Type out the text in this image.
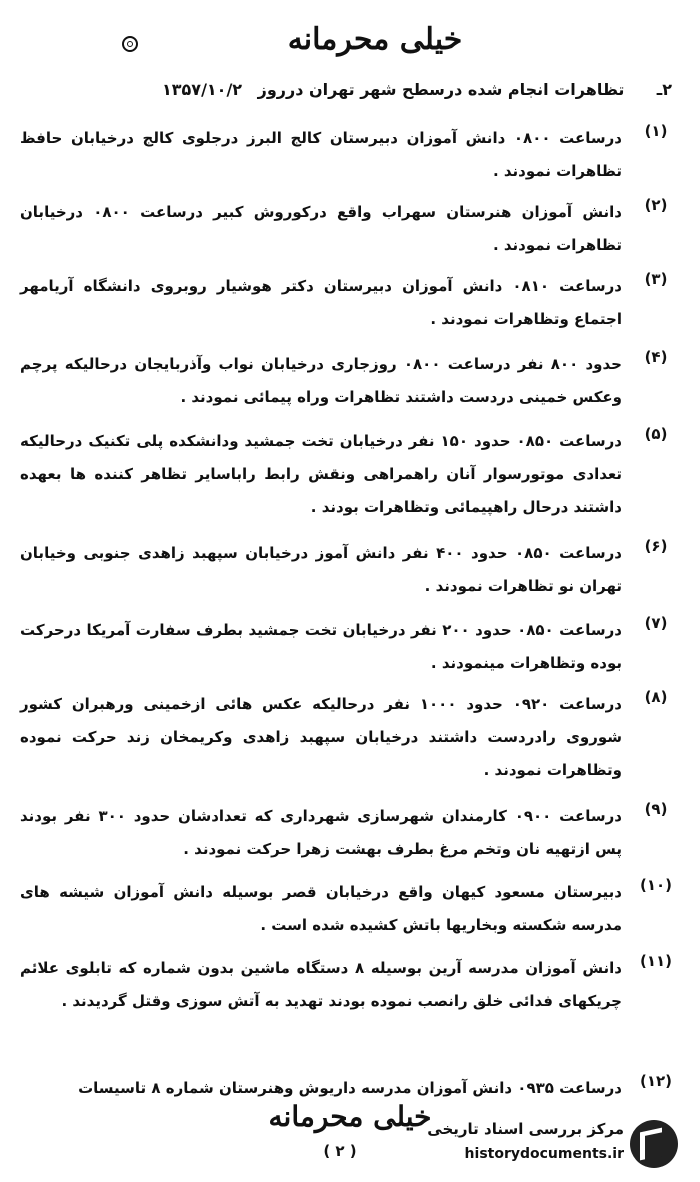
خیلی محرمانه
۲ـ تظاهرات انجام شده درسطح شهر تهران درروز ۱۳۵۷/۱۰/۲
(۱)
درساعت ۰۸۰۰ دانش آموزان دبیرستان کالج البرز درجلوی کالج درخیابان حافظ تظاهرات نمودند .
(۲)
دانش آموزان هنرستان سهراب واقع درکوروش کبیر درساعت ۰۸۰۰ درخیابان تظاهرات نمودند .
(۳)
درساعت ۰۸۱۰ دانش آموزان دبیرستان دکتر هوشیار روبروی دانشگاه آریامهر اجتماع وتظاهرات نمودند .
(۴)
حدود ۸۰۰ نفر درساعت ۰۸۰۰ روزجاری درخیابان نواب وآذربایجان درحالیکه پرچم وعکس خمینی دردست داشتند تظاهرات وراه پیمائی نمودند .
(۵)
درساعت ۰۸۵۰ حدود ۱۵۰ نفر درخیابان تخت جمشید ودانشکده پلی تکنیک درحالیکه تعدادی موتورسوار آنان راهمراهی ونقش رابط راباسایر تظاهر کننده ها بعهده داشتند درحال راهپیمائی وتظاهرات بودند .
(۶)
درساعت ۰۸۵۰ حدود ۴۰۰ نفر دانش آموز درخیابان سپهبد زاهدی جنوبی وخیابان تهران نو تظاهرات نمودند .
(۷)
درساعت ۰۸۵۰ حدود ۲۰۰ نفر درخیابان تخت جمشید بطرف سفارت آمریکا درحرکت بوده وتظاهرات مینمودند .
(۸)
درساعت ۰۹۲۰ حدود ۱۰۰۰ نفر درحالیکه عکس هائی ازخمینی ورهبران کشور شوروی رادردست داشتند درخیابان سپهبد زاهدی وکریمخان زند حرکت نموده وتظاهرات نمودند .
(۹)
درساعت ۰۹۰۰ کارمندان شهرسازی شهرداری که تعدادشان حدود ۳۰۰ نفر بودند پس ازتهیه نان وتخم مرغ بطرف بهشت زهرا حرکت نمودند .
(۱۰)
دبیرستان مسعود کیهان واقع درخیابان قصر بوسیله دانش آموزان شیشه های مدرسه شکسته وبخاریها باتش کشیده شده است .
(۱۱)
دانش آموزان مدرسه آرین بوسیله ۸ دستگاه ماشین بدون شماره که تابلوی علائم چریکهای فدائی خلق رانصب نموده بودند تهدید به آتش سوزی وقتل گردیدند .
(۱۲)
درساعت ۰۹۳۵ دانش آموزان مدرسه داریوش وهنرستان شماره ۸ تاسیسات
خیلی محرمانه
( ۲ )
مرکز بررسی اسناد تاریخی
historydocuments.ir
